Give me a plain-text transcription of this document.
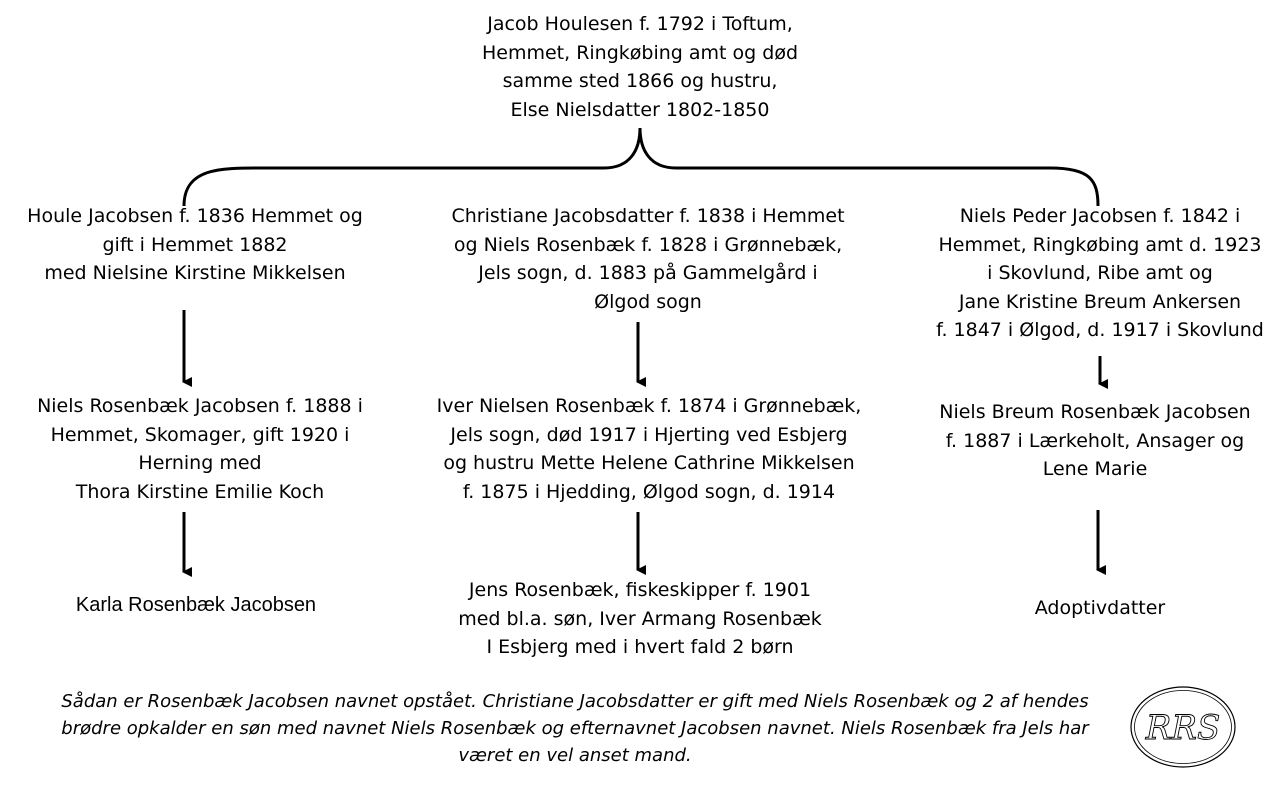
Jacob Houlesen f. 1792 i Toftum,
Hemmet, Ringkøbing amt og død
samme sted 1866 og hustru,
Else Nielsdatter 1802-1850
Houle Jacobsen f. 1836 Hemmet og
gift i Hemmet 1882
med Nielsine Kirstine Mikkelsen
Niels Rosenbæk Jacobsen f. 1888 i
Hemmet, Skomager, gift 1920 i
Herning med
Thora Kirstine Emilie Koch
Karla Rosenbæk Jacobsen
Christiane Jacobsdatter f. 1838 i Hemmet
og Niels Rosenbæk f. 1828 i Grønnebæk,
Jels sogn, d. 1883 på Gammelgård i
Ølgod sogn
Iver Nielsen Rosenbæk f. 1874 i Grønnebæk,
Jels sogn, død 1917 i Hjerting ved Esbjerg
og hustru Mette Helene Cathrine Mikkelsen
f. 1875 i Hjedding, Ølgod sogn, d. 1914
Jens Rosenbæk, fiskeskipper f. 1901
med bl.a. søn, Iver Armang Rosenbæk
I Esbjerg med i hvert fald 2 børn
Niels Peder Jacobsen f. 1842 i
Hemmet, Ringkøbing amt d. 1923
i Skovlund, Ribe amt og
Jane Kristine Breum Ankersen
f. 1847 i Ølgod, d. 1917 i Skovlund
Niels Breum Rosenbæk Jacobsen
f. 1887 i Lærkeholt, Ansager og
Lene Marie
Adoptivdatter
Sådan er Rosenbæk Jacobsen navnet opstået. Christiane Jacobsdatter er gift med Niels Rosenbæk og 2 af hendes
brødre opkalder en søn med navnet Niels Rosenbæk og efternavnet Jacobsen navnet. Niels Rosenbæk fra Jels har
været en vel anset mand.
RRS
